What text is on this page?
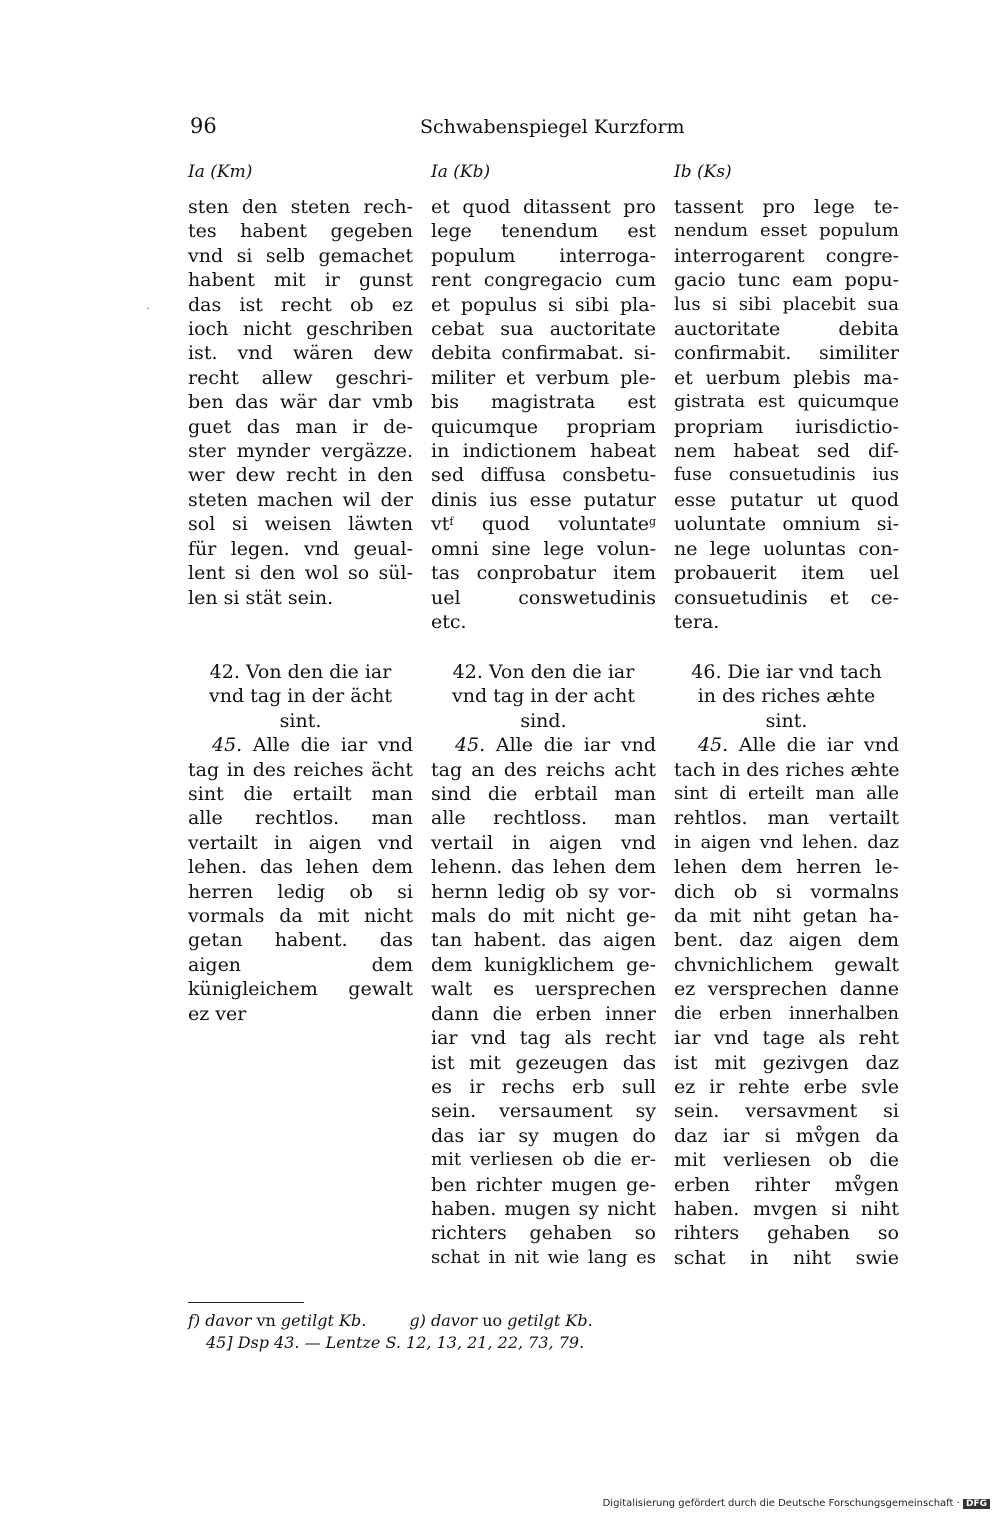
96	Schwabenspiegel Kurzform
`
Ia (Km)	Ia (Kb)	Ib (Ks)
sten den steten rech-
tes habent gegeben
vnd si selb gemachet
habent mit ir gunst
das ist recht ob ez
ioch nicht geschriben
ist. vnd wären dew
recht allew geschri-
ben das wär dar vmb
guet das man ir de-
ster mynder vergäzze.
wer dew recht in den
steten machen wil der
sol si weisen läwten
für legen. vnd geual-
lent si den wol so sül-
len si stät sein.
et quod ditassent pro
lege tenendum est
populum interroga-
rent congregacio cum
et populus si sibi pla-
cebat sua auctoritate
debita confirmabat. si-
militer et verbum ple-
bis magistrata est
quicumque propriam
in indictionem habeat
sed diffusa consbetu-
dinis ius esse putatur
$vt^f$ quod voluntate$^g$
omni sine lege volun-
tas conprobatur item
uel conswetudinis
etc.
tassent pro lege te-
nendum esset populum
interrogarent congre-
gacio tunc eam popu-
lus si sibi placebit sua
auctoritate debita
confirmabit. similiter
et uerbum plebis ma-
gistrata est quicumque
propriam iurisdictio-
nem habeat sed dif-
fuse consuetudinis ius
esse putatur ut quod
uoluntate omnium si-
ne lege uoluntas con-
probauerit item uel
consuetudinis et ce-
tera.
42. Von den die iar
vnd tag in der ächt
sint.
45. Alle die iar vnd
tag in des reiches ächt
sint die ertailt man
alle rechtlos. man
vertailt in aigen vnd
lehen. das lehen dem
herren ledig ob si
vormals da mit nicht
getan habent. das
aigen dem künigleichem gewalt ez ver
42. Von den die iar
vnd tag in der acht
sind.
45. Alle die iar vnd
tag an des reichs acht
sind die erbtail man
alle rechtloss. man
vertail in aigen vnd
lehenn. das lehen dem
hernn ledig ob sy vor-
mals do mit nicht ge-
tan habent. das aigen
dem kunigklichem ge-
walt es uersprechen
dann die erben inner
iar vnd tag als recht
ist mit gezeugen das
es ir rechs erb sull
sein. versaument sy
das iar sy mugen do
mit verliesen ob die er-
ben richter mugen ge-
haben. mugen sy nicht
richters gehaben so
schat in nit wie lang es
46. Die iar vnd tach
in des riches æhte
sint.
45. Alle die iar vnd
tach in des riches æhte
sint di erteilt man alle
rehtlos. man vertailt
in aigen vnd lehen. daz
lehen dem herren le-
dich ob si vormalns
da mit niht getan ha-
bent. daz aigen dem
chvnichlichem gewalt
ez versprechen danne
die erben innerhalben
iar vnd tage als reht
ist mit gezivgen daz
ez ir rehte erbe svle
sein. versavment si
daz iar si mv̊gen da
mit verliesen ob die
erben rihter mv̊gen
haben. mvgen si niht
rihters gehaben so
schat in niht swie
f) davor vn getilgt Kb.	g) davor uo getilgt Kb.
45] Dsp 43. — Lentze S. 12, 13, 21, 22, 73, 79.
Digitalisierung gefördert durch die Deutsche Forschungsgemeinschaft · DFG
